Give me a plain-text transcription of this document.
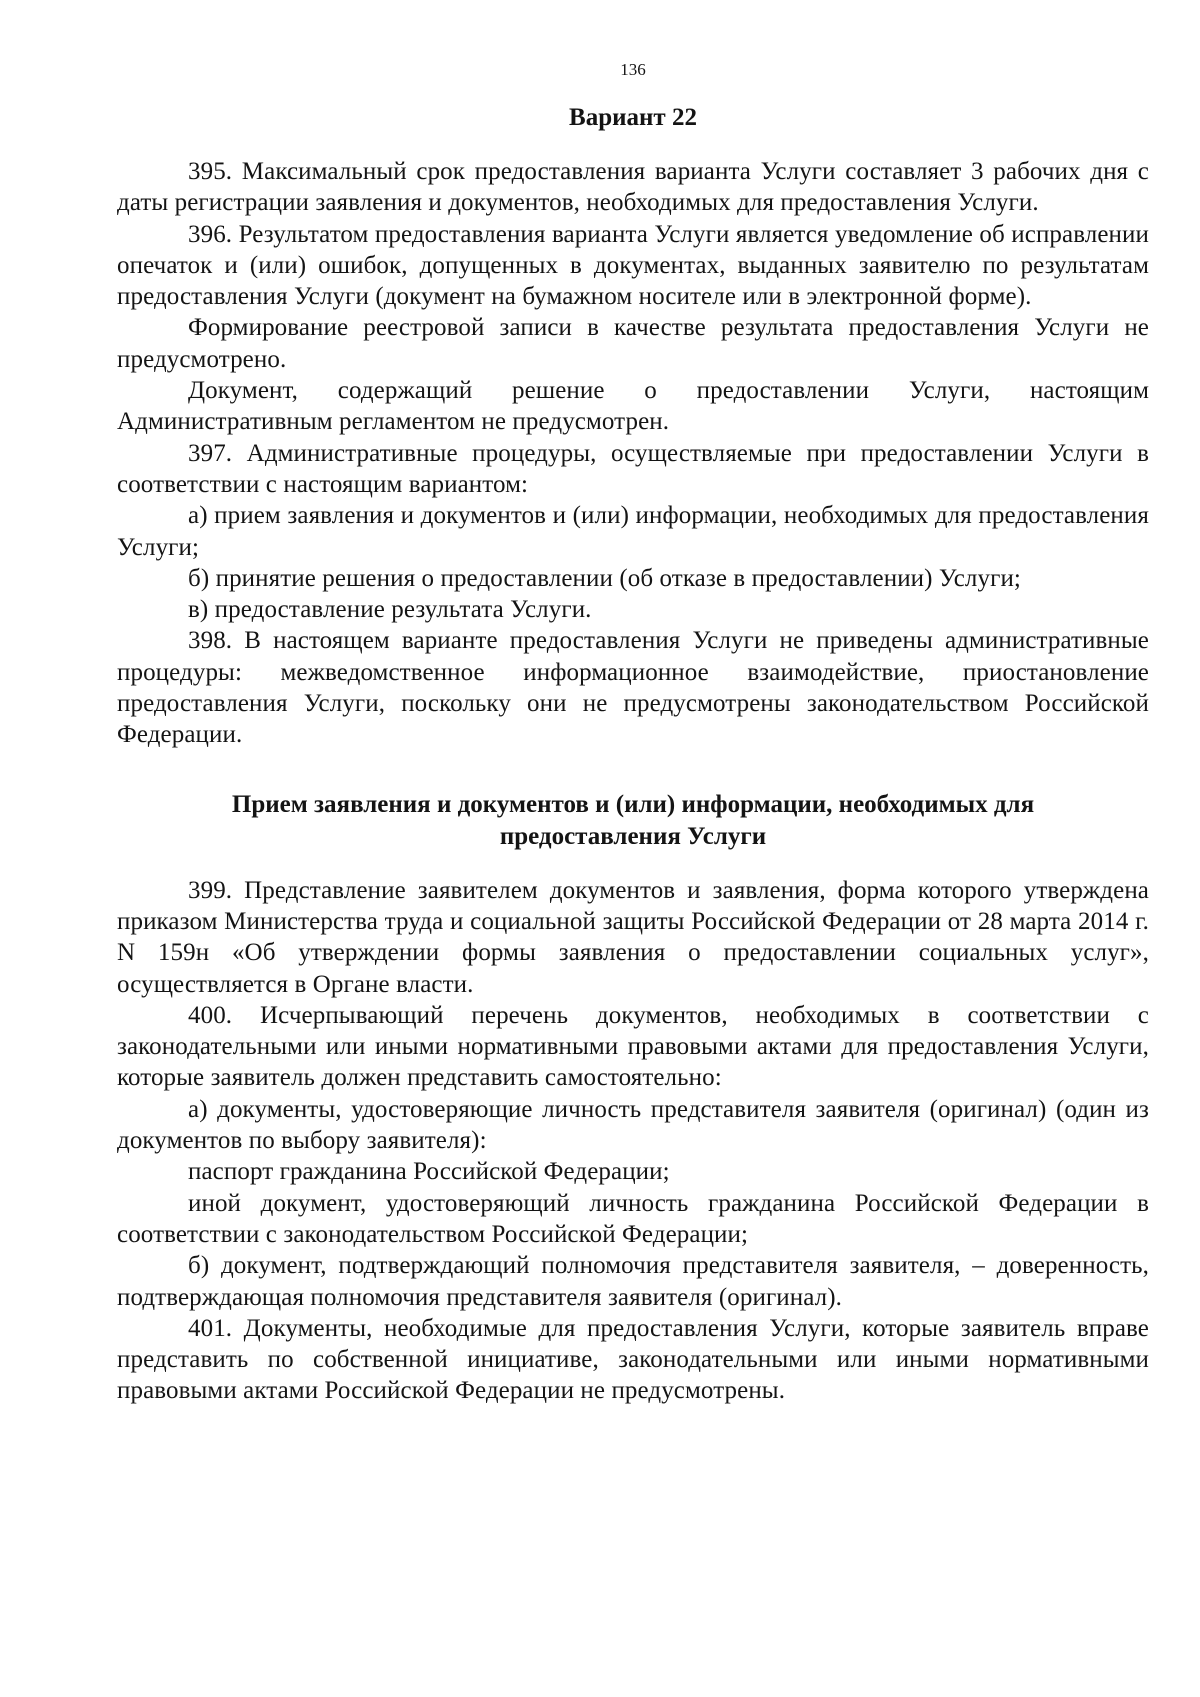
136
Вариант 22

395. Максимальный срок предоставления варианта Услуги составляет 3 рабочих дня с даты регистрации заявления и документов, необходимых для предоставления Услуги.

396. Результатом предоставления варианта Услуги является уведомление об исправлении опечаток и (или) ошибок, допущенных в документах, выданных заявителю по результатам предоставления Услуги (документ на бумажном носителе или в электронной форме).

Формирование реестровой записи в качестве результата предоставления Услуги не предусмотрено.

Документ, содержащий решение о предоставлении Услуги, настоящим Административным регламентом не предусмотрен.

397. Административные процедуры, осуществляемые при предоставлении Услуги в соответствии с настоящим вариантом:

а) прием заявления и документов и (или) информации, необходимых для предоставления Услуги;

б) принятие решения о предоставлении (об отказе в предоставлении) Услуги;

в) предоставление результата Услуги.

398. В настоящем варианте предоставления Услуги не приведены административные процедуры: межведомственное информационное взаимодействие, приостановление предоставления Услуги, поскольку они не предусмотрены законодательством Российской Федерации.

Прием заявления и документов и (или) информации, необходимых для
предоставления Услуги

399. Представление заявителем документов и заявления, форма которого утверждена приказом Министерства труда и социальной защиты Российской Федерации от 28 марта 2014 г. N 159н «Об утверждении формы заявления о предоставлении социальных услуг», осуществляется в Органе власти.

400. Исчерпывающий перечень документов, необходимых в соответствии с законодательными или иными нормативными правовыми актами для предоставления Услуги, которые заявитель должен представить самостоятельно:

а) документы, удостоверяющие личность представителя заявителя (оригинал) (один из документов по выбору заявителя):

паспорт гражданина Российской Федерации;

иной документ, удостоверяющий личность гражданина Российской Федерации в соответствии с законодательством Российской Федерации;

б) документ, подтверждающий полномочия представителя заявителя, – доверенность, подтверждающая полномочия представителя заявителя (оригинал).

401. Документы, необходимые для предоставления Услуги, которые заявитель вправе представить по собственной инициативе, законодательными или иными нормативными правовыми актами Российской Федерации не предусмотрены.
